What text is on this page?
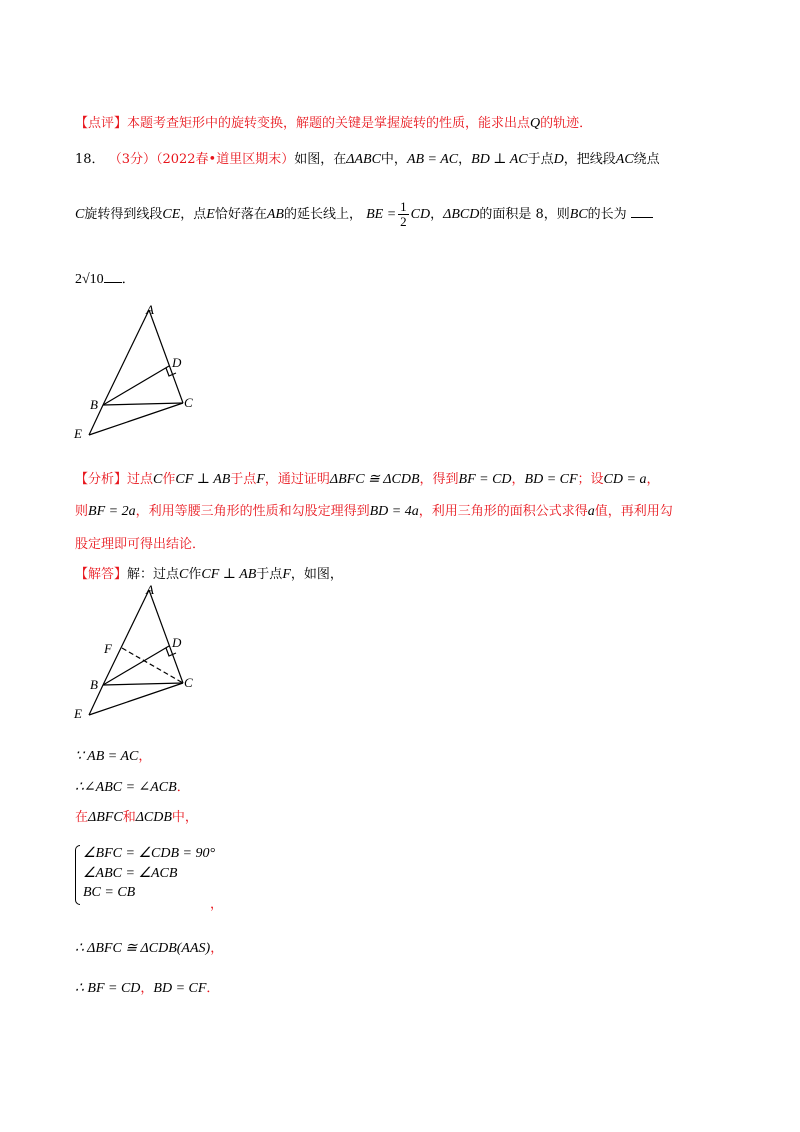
【点评】本题考查矩形中的旋转变换，解题的关键是掌握旋转的性质，能求出点Q的轨迹．
18． （3分）（2022春•道里区期末）如图，在ΔABC中，AB = AC，BD ⊥ AC于点D，把线段AC绕点
C旋转得到线段CE，点E恰好落在AB的延长线上， BE = $\frac{1}{2}$ CD，ΔBCD的面积是 8，则BC的长为
2√10 ．
A
D
B	C
E
【分析】过点C作CF ⊥ AB于点F，通过证明ΔBFC ≅ ΔCDB，得到BF = CD，BD = CF；设CD = a，
则BF = 2a，利用等腰三角形的性质和勾股定理得到BD = 4a，利用三角形的面积公式求得a值，再利用勾
股定理即可得出结论．
【解答】解：过点C作CF ⊥ AB于点F，如图，
A
F	D
B	C
E
∵ AB = AC，
∴∠ABC = ∠ACB．
在ΔBFC和ΔCDB中，
∠BFC = ∠CDB = 90°
∠ABC = ∠ACB
BC = CB
，
∴ ΔBFC ≅ ΔCDB(AAS)，
∴ BF = CD，BD = CF．
